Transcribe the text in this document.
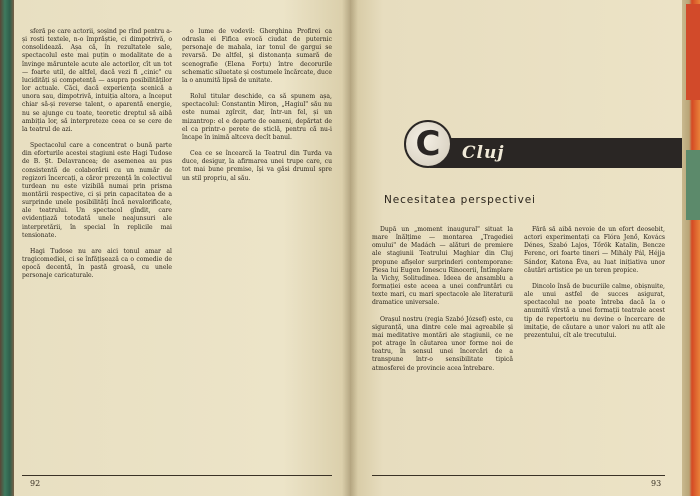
sferă pe care actorii, soșind pe rînd pentru a-și rosti textele, n-o împrăștie, ci dimpotrivă, o consolidează. Așa că, în rezultatele sale, spectacolul este mai puțin o modalitate de a învinge măruntele acute ale actorilor, cît un tot — foarte util, de altfel, dacă vezi fi „cinic" cu lucidități și competență — asupra posibilităților lor actuale. Căci, dacă experiența scenică a unora sau, dimpotrivă, intuiția altora, a început chiar să-și reverse talent, o aparentă energie, nu se ajunge cu toate, teoretic dreptul să aibă ambiția lor, să interpreteze ceea ce se cere de la teatrul de azi.

Spectacolul care a concentrat o bună parte din eforturile acestei stagiuni este Hagi Tudose de B. Șt. Delavrancea; de asemenea au pus consistentă de colaborării cu un număr de regizori încercați, a căror prezență în colectivul turdean nu este vizibilă numai prin prisma montării respective, ci și prin capacitatea de a surprinde unele posibilități încă nevalorificate, ale teatrului. Un spectacol gîndit, care evidențiază totodată unele neajunsuri ale interpretării, în special în replicile mai tensionate.

Hagi Tudose nu are aici tonul amar al tragicomediei, ci se înfățișează ca o comedie de epocă decentă, în pastă groasă, cu unele personaje caricaturale.

o lume de vodevil: Gherghina Profirei ca odrasla ei Fifica evocă ciudat de puternic personaje de mahala, iar tonul de gargui se revarsă. De altfel, și distonanța sumară de scenografie (Elena Forțu) între decorurile schematic siluetate și costumele încărcate, duce la o anumită lipsă de unitate.

Rolul titular deschide, ca să spunem așa, spectacolul: Constantin Miron, „Hagiul" său nu este numai zgîrcit, dar, într-un fel, și un mizantrop: el e departe de oameni, depărtat de el ca printr-o perete de sticlă, pentru că nu-i încape în inimă altceva decît banul.

Cea ce se încearcă la Teatrul din Turda va duce, desigur, la afirmarea unei trupe care, cu tot mai bune premise, își va găsi drumul spre un stil propriu, al său.

92
Cluj
C
Necesitatea perspectivei

După un „moment inaugural" situat la mare înălțime — montarea „Tragediei omului" de Madách — alături de premiere ale stagiunii Teatrului Maghiar din Cluj propune afișelor surprinderi contemporane: Piesa lui Eugen Ionescu Rinocerii, Întîmplare la Vichy, Solitudinea. Ideea de ansamblu a formației este aceea a unei confruntări cu texte mari, cu mari spectacole ale literaturii dramatice universale.

Orașul nostru (regia Szabó József) este, cu siguranță, una dintre cele mai agreabile și mai meditative montări ale stagiunii, ce ne pot atrage în căutarea unor forme noi de teatru, în sensul unei încercări de a transpune într-o sensibilitate tipică atmosferei de provincie acea întrebare.

Fără să aibă nevoie de un efort deosebit, actori experimentați ca Flóra Jenő, Kovács Dénes, Szabó Lajos, Tőrök Katalin, Bencze Ferenc, ori foarte tineri — Mihály Pál, Héjja Sándor, Katona Éva, au luat inițiativa unor căutări artistice pe un teren propice.

Dincolo însă de bucuriile calme, obișnuite, ale unui astfel de succes asigurat, spectacolul ne poate întreba dacă la o anumită vîrstă a unei formații teatrale acest tip de repertoriu nu devine o încercare de imitație, de căutare a unor valori nu atît ale prezentului, cît ale trecutului.

93
